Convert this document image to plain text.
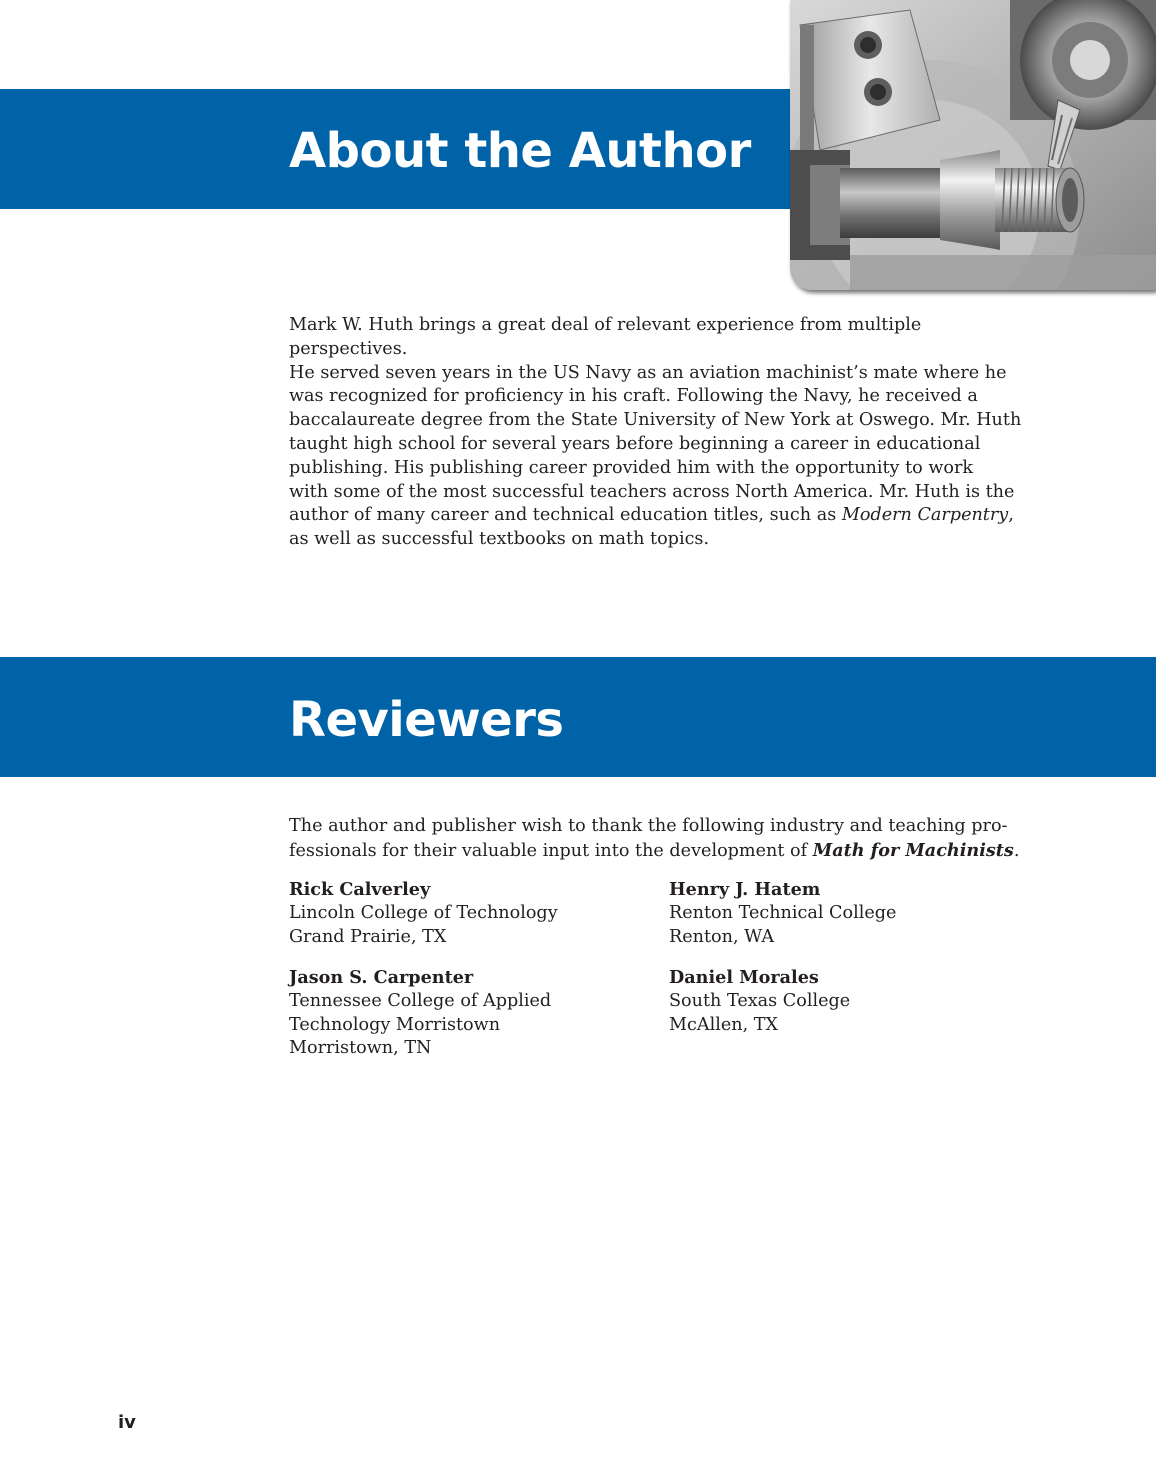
About the Author
Mark W. Huth brings a great deal of relevant experience from multiple perspectives.
He served seven years in the US Navy as an aviation machinist’s mate where he
was recognized for proficiency in his craft. Following the Navy, he received a
baccalaureate degree from the State University of New York at Oswego. Mr. Huth
taught high school for several years before beginning a career in educational
publishing. His publishing career provided him with the opportunity to work
with some of the most successful teachers across North America. Mr. Huth is the
author of many career and technical education titles, such as Modern Carpentry,
as well as successful textbooks on math topics.
Reviewers
The author and publisher wish to thank the following industry and teaching pro-
fessionals for their valuable input into the development of Math for Machinists.
Rick Calverley
Lincoln College of Technology
Grand Prairie, TX
Henry J. Hatem
Renton Technical College
Renton, WA
Jason S. Carpenter
Tennessee College of Applied
Technology Morristown
Morristown, TN
Daniel Morales
South Texas College
McAllen, TX
iv
